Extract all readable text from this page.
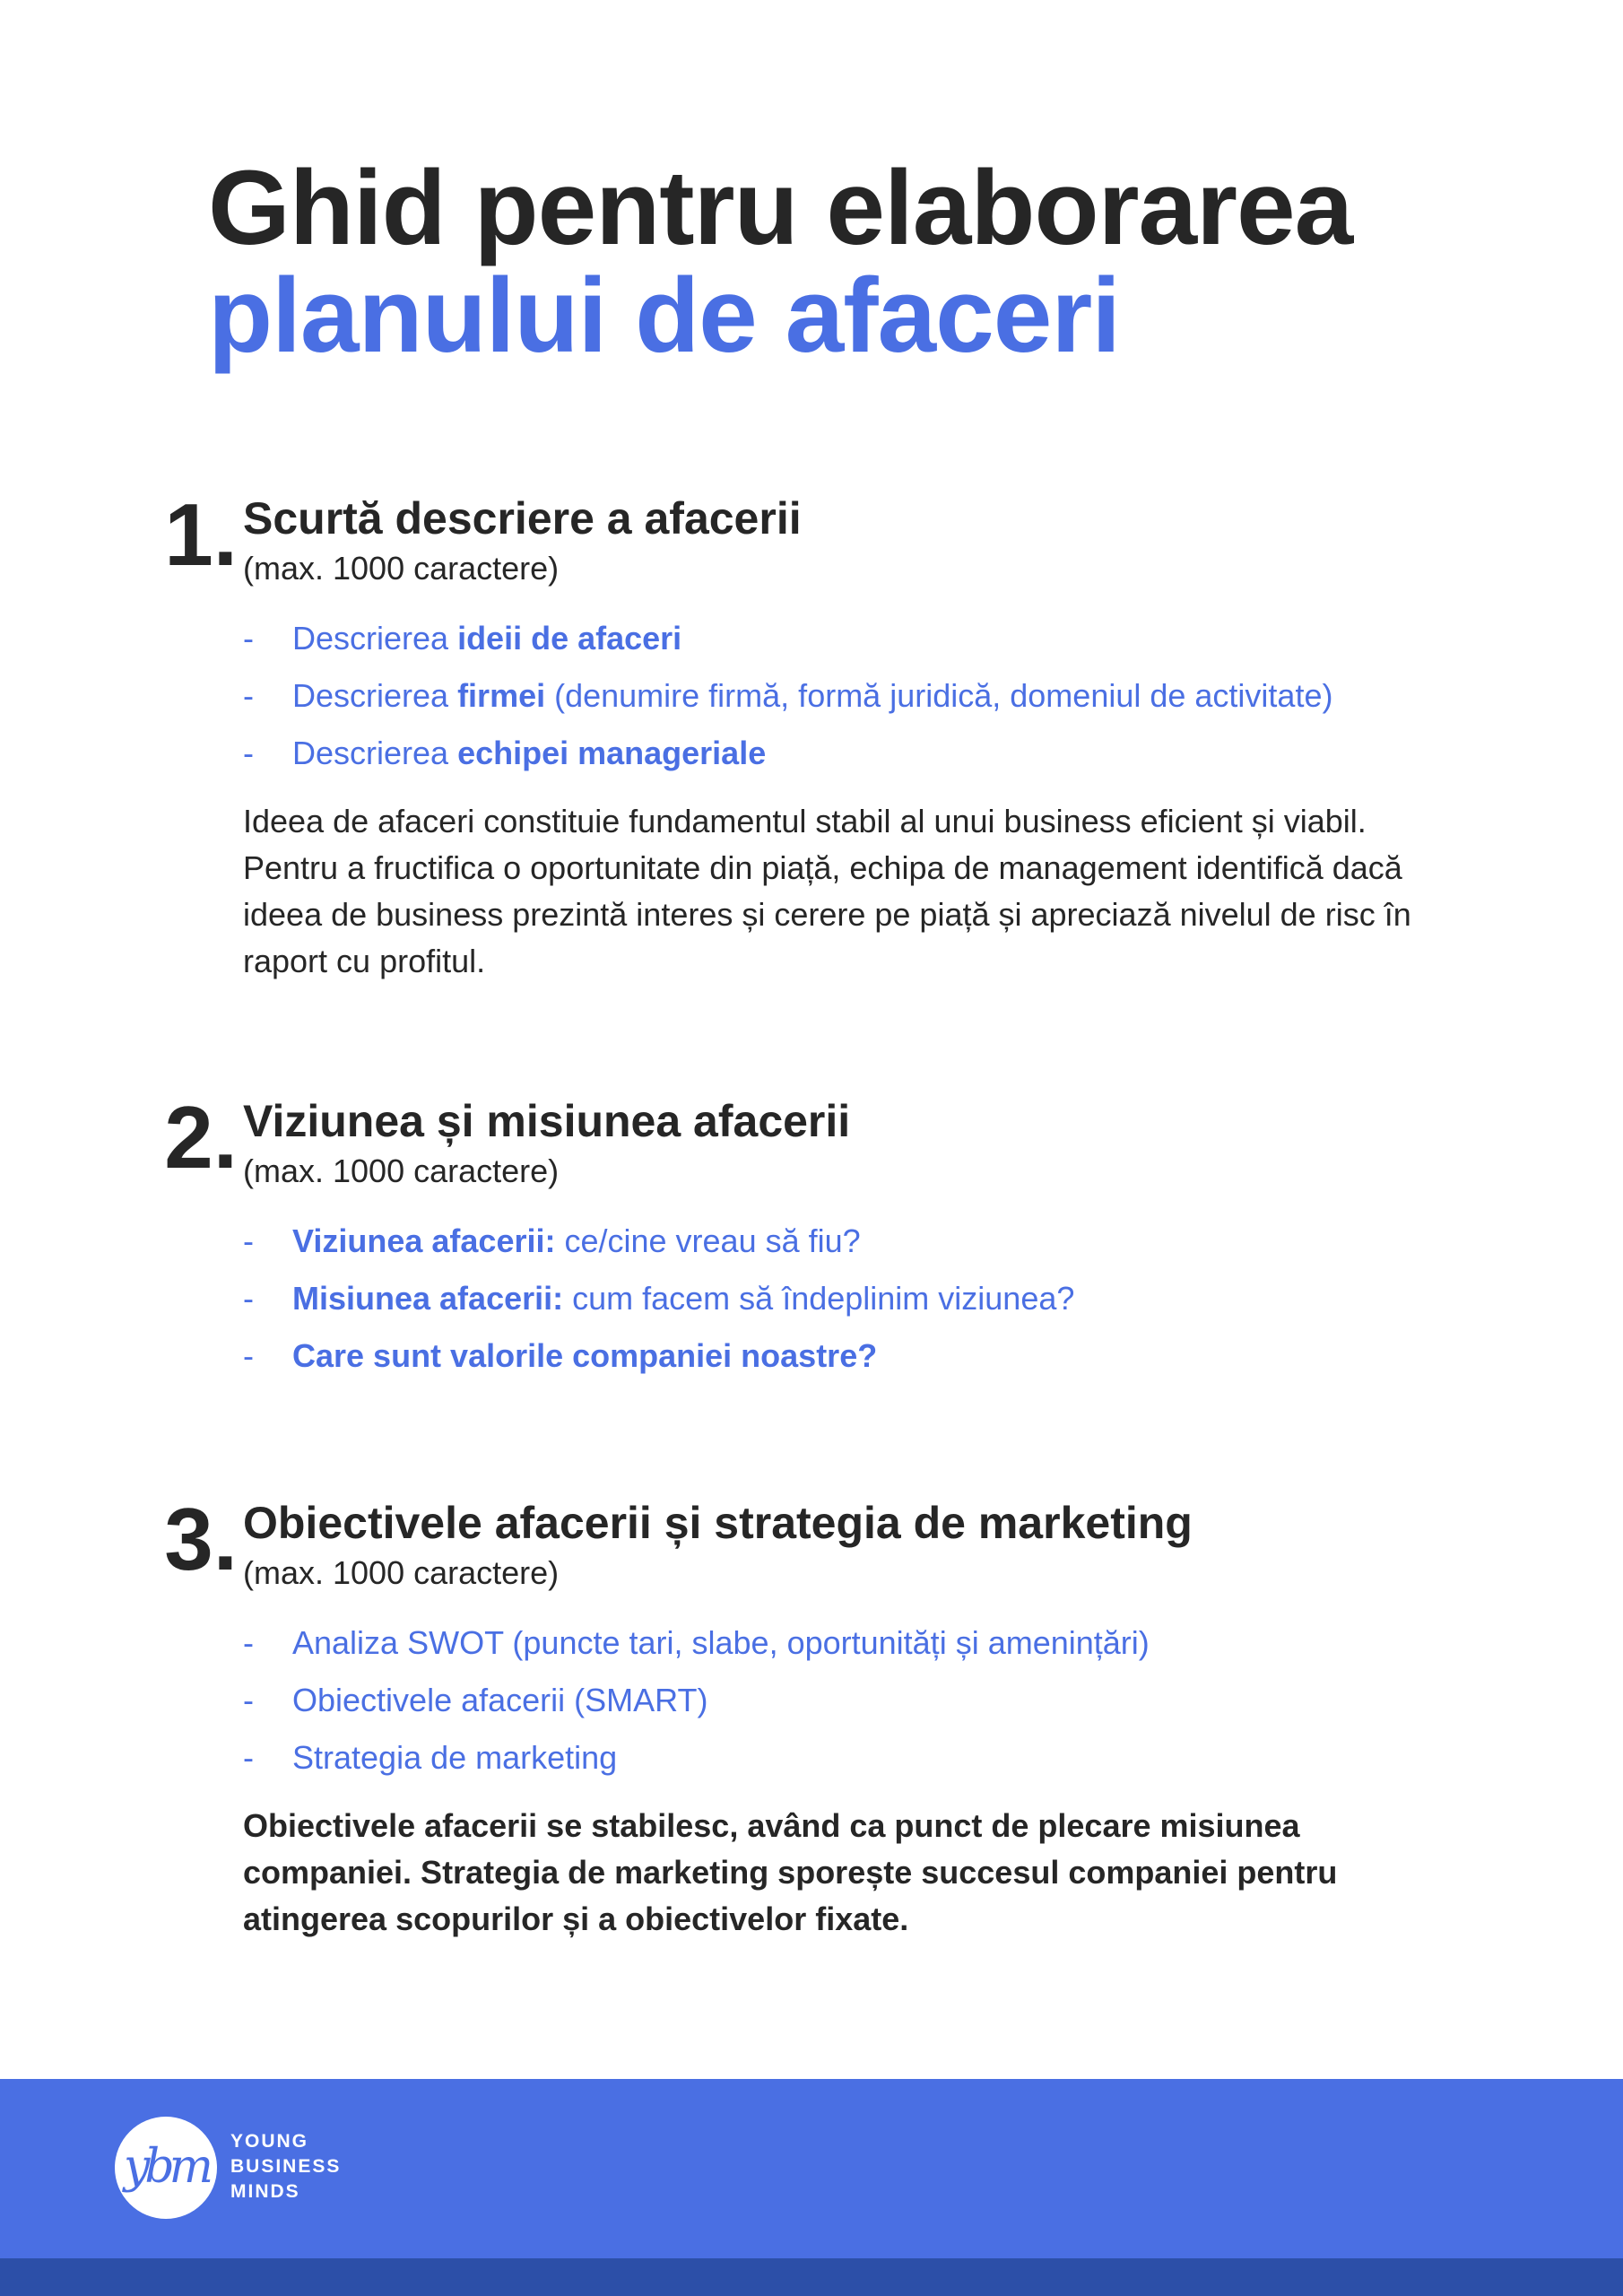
Ghid pentru elaborarea
planului de afaceri
1. Scurtă descriere a afacerii
(max. 1000 caractere)
- Descrierea ideii de afaceri
- Descrierea firmei (denumire firmă, formă juridică, domeniul de activitate)
- Descrierea echipei manageriale

Ideea de afaceri constituie fundamentul stabil al unui business eficient și viabil. Pentru a fructifica o oportunitate din piață, echipa de management identifică dacă ideea de business prezintă interes și cerere pe piață și apreciază nivelul de risc în raport cu profitul.

2. Viziunea și misiunea afacerii
(max. 1000 caractere)
- Viziunea afacerii: ce/cine vreau să fiu?
- Misiunea afacerii: cum facem să îndeplinim viziunea?
- Care sunt valorile companiei noastre?
3. Obiectivele afacerii și strategia de marketing
(max. 1000 caractere)
- Analiza SWOT (puncte tari, slabe, oportunități și amenințări)
- Obiectivele afacerii (SMART)
- Strategia de marketing

Obiectivele afacerii se stabilesc, având ca punct de plecare misiunea companiei. Strategia de marketing sporește succesul companiei pentru atingerea scopurilor și a obiectivelor fixate.

ybm	YOUNG
BUSINESS
MINDS
